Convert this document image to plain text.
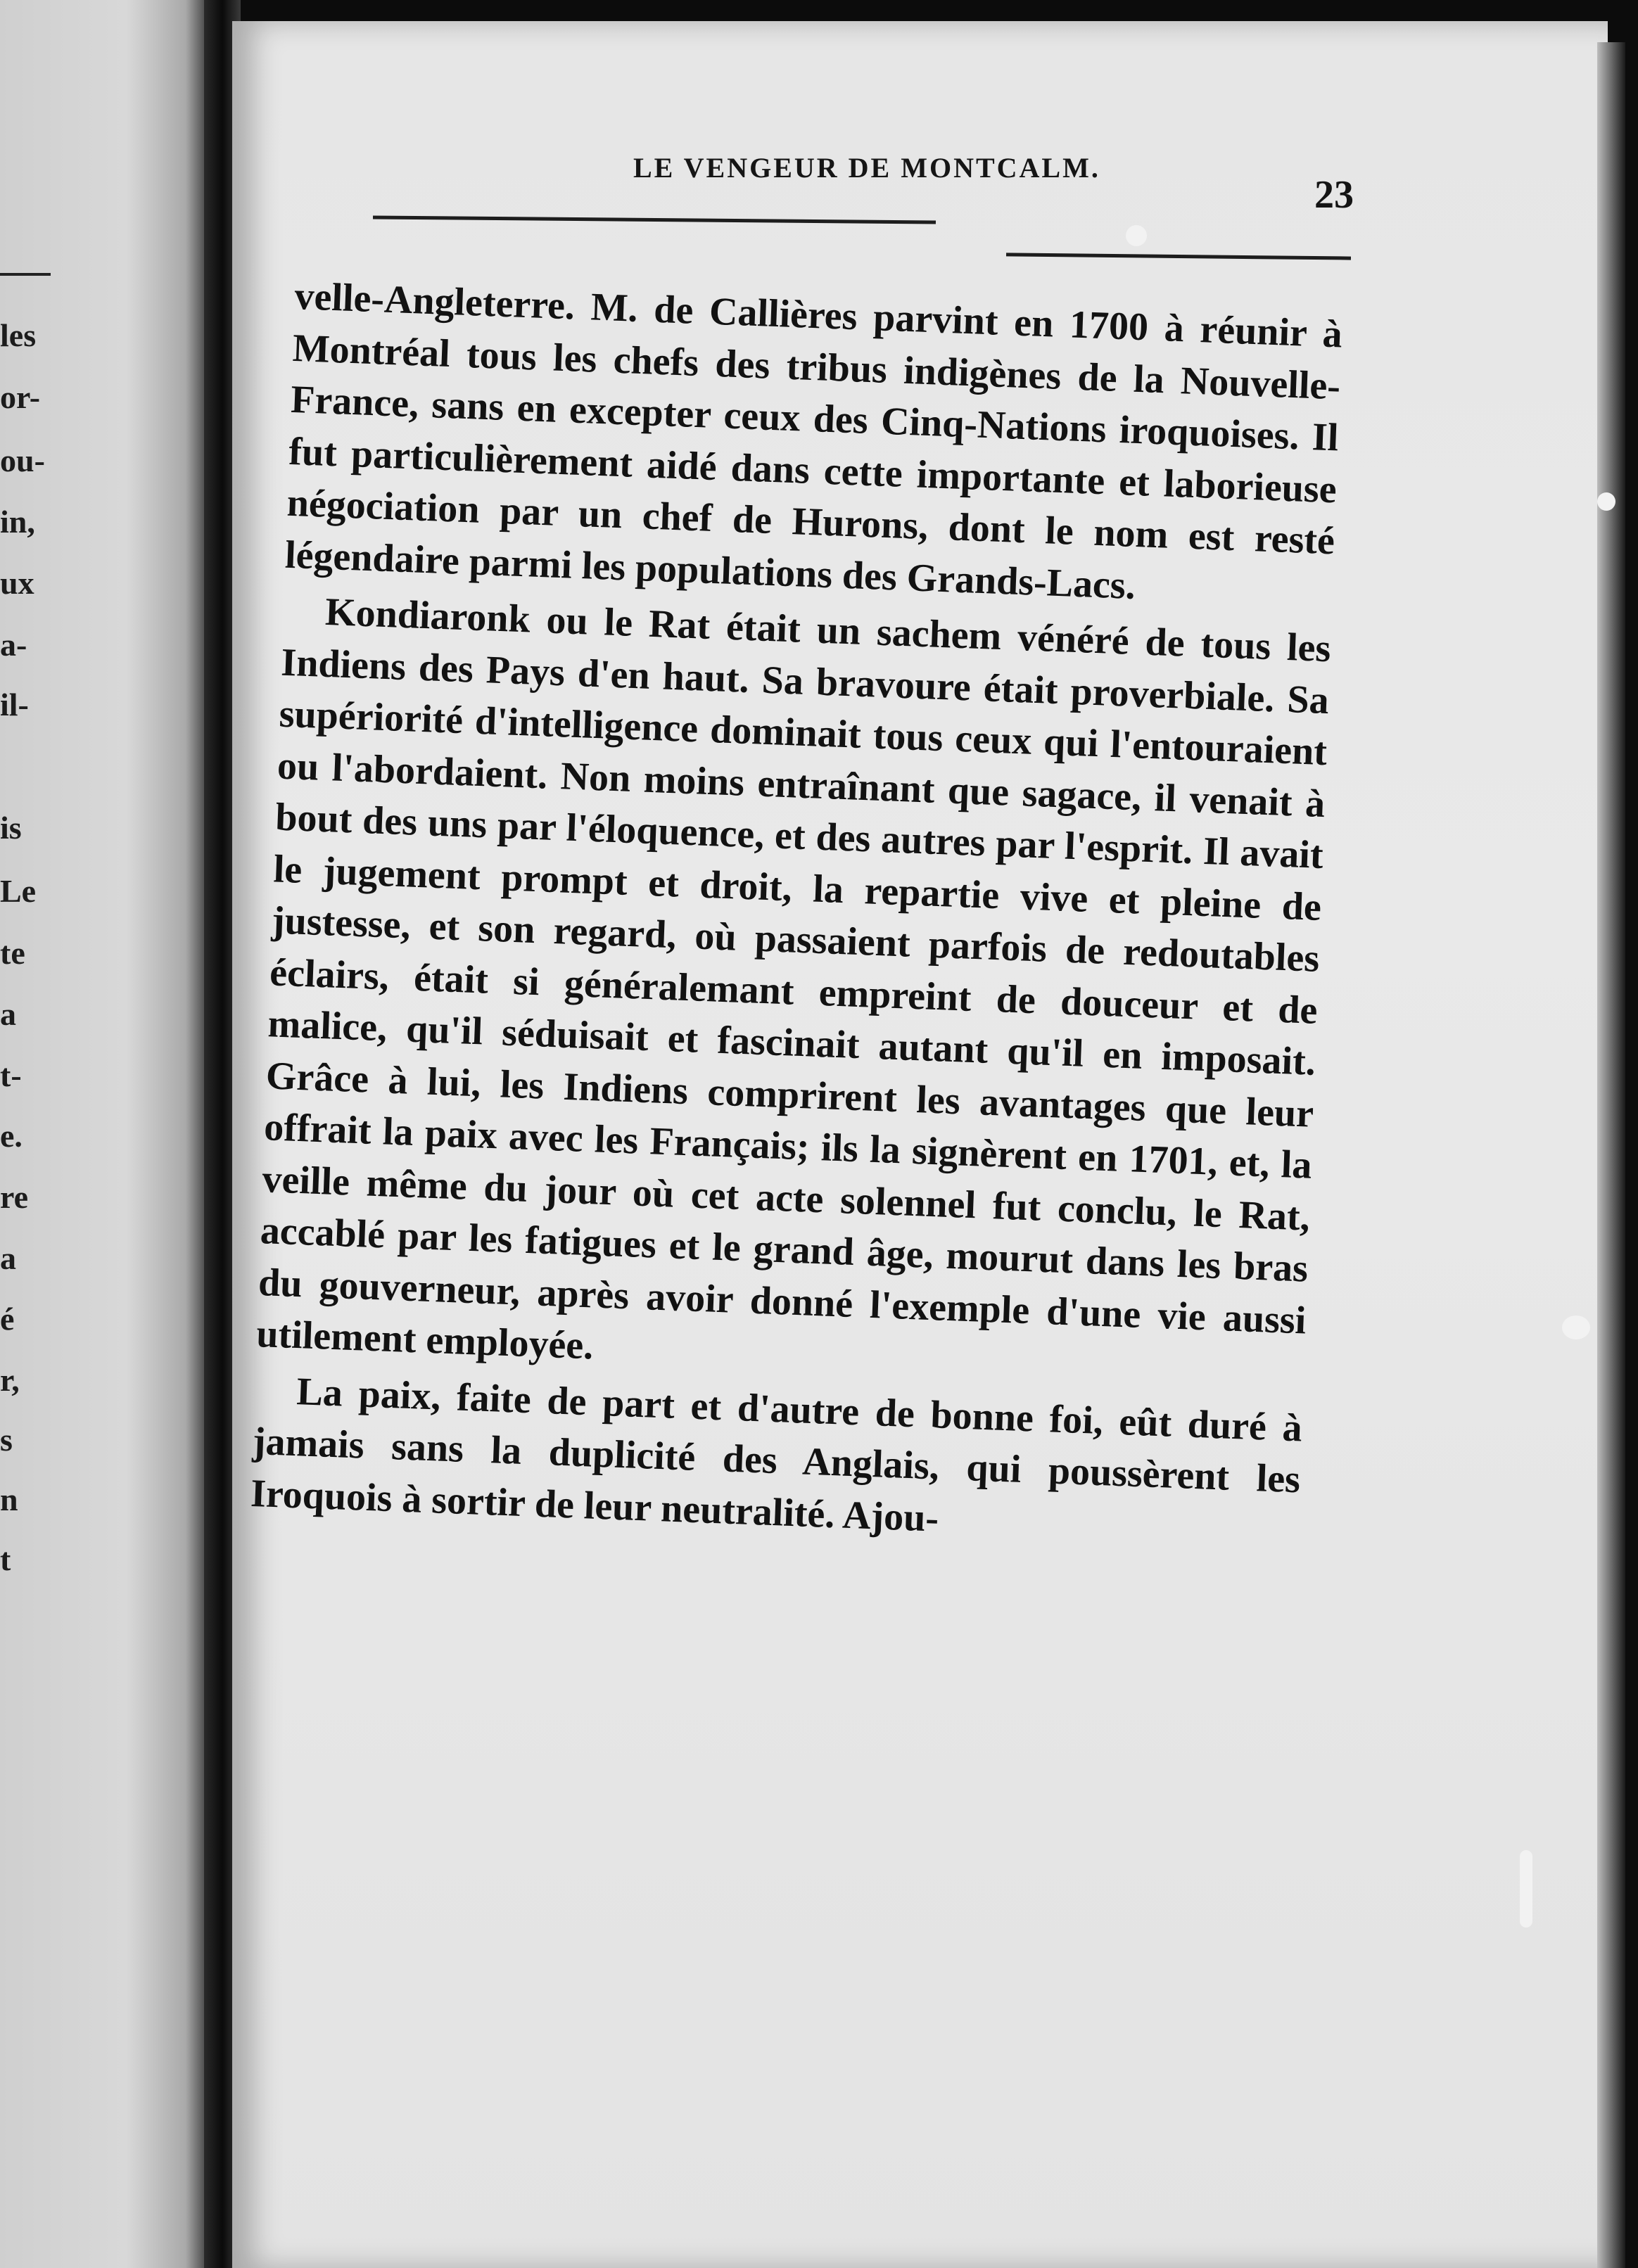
les
or-
ou-
in,
ux
a-
il-
is
Le
te
a
t-
e.
re
a
é
r,
s
n
t
LE VENGEUR DE MONTCALM.
23

velle-Angleterre. M. de Callières parvint en 1700 à réunir à Montréal tous les chefs des tribus indigènes de la Nouvelle-France, sans en excepter ceux des Cinq-Nations iroquoises. Il fut particulièrement aidé dans cette importante et laborieuse négociation par un chef de Hurons, dont le nom est resté légendaire parmi les populations des Grands-Lacs.

Kondiaronk ou le Rat était un sachem vénéré de tous les Indiens des Pays d'en haut. Sa bravoure était proverbiale. Sa supériorité d'intelligence dominait tous ceux qui l'entouraient ou l'abordaient. Non moins entraînant que sagace, il venait à bout des uns par l'éloquence, et des autres par l'esprit. Il avait le jugement prompt et droit, la repartie vive et pleine de justesse, et son regard, où passaient parfois de redoutables éclairs, était si généralemant empreint de douceur et de malice, qu'il séduisait et fascinait autant qu'il en imposait. Grâce à lui, les Indiens comprirent les avantages que leur offrait la paix avec les Français; ils la signèrent en 1701, et, la veille même du jour où cet acte solennel fut conclu, le Rat, accablé par les fatigues et le grand âge, mourut dans les bras du gouverneur, après avoir donné l'exemple d'une vie aussi utilement employée.

La paix, faite de part et d'autre de bonne foi, eût duré à jamais sans la duplicité des Anglais, qui poussèrent les Iroquois à sortir de leur neutralité. Ajou-
